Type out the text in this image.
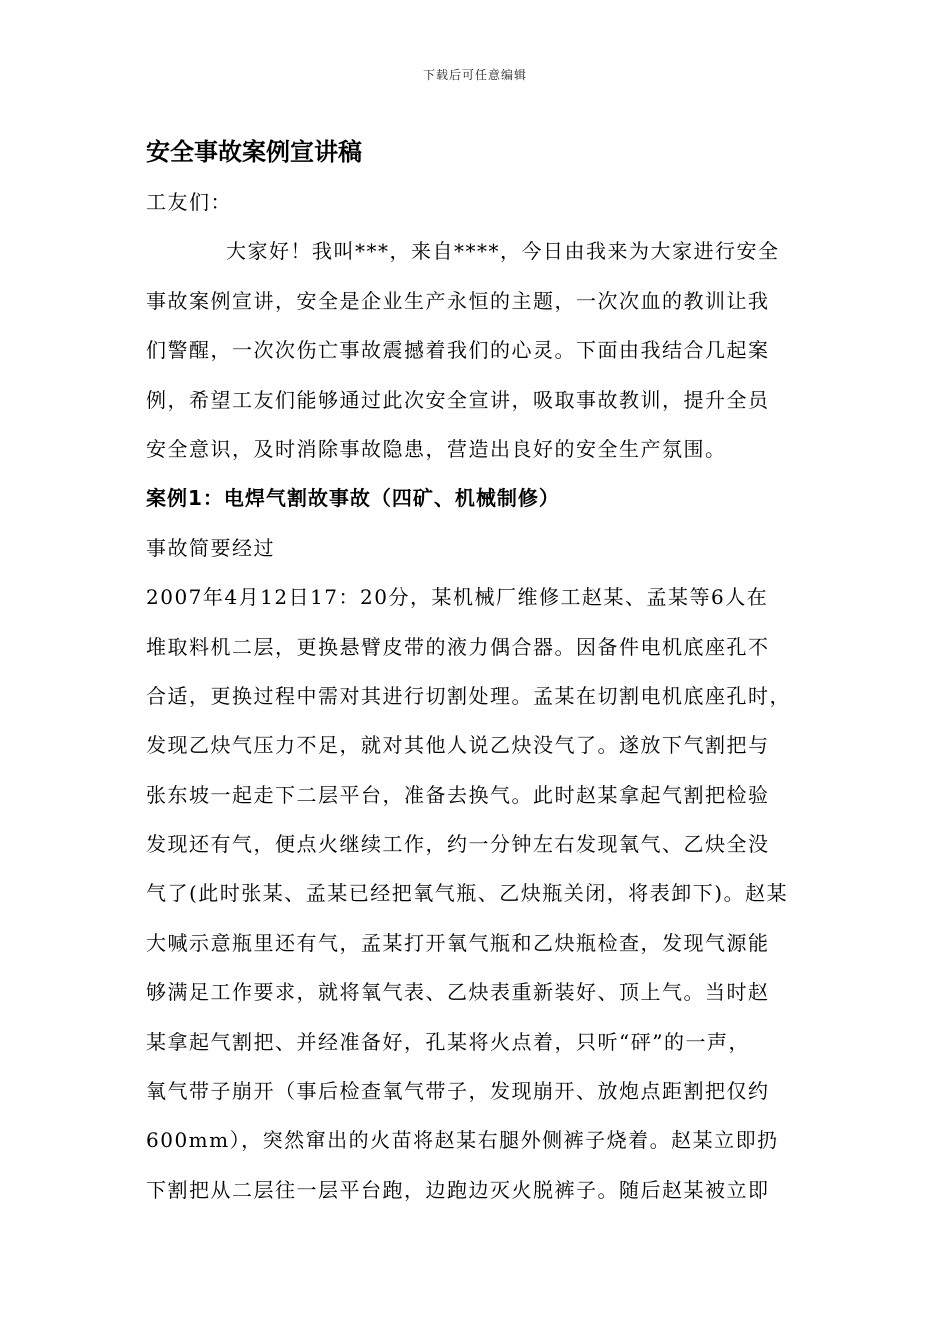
下载后可任意编辑
安全事故案例宣讲稿
工友们：
大家好！我叫***，来自****，今日由我来为大家进行安全
事故案例宣讲，安全是企业生产永恒的主题，一次次血的教训让我
们警醒，一次次伤亡事故震撼着我们的心灵。下面由我结合几起案
例，希望工友们能够通过此次安全宣讲，吸取事故教训，提升全员
安全意识，及时消除事故隐患，营造出良好的安全生产氛围。
案例1：电焊气割故事故（四矿、机械制修）
事故简要经过
2007年4月12日17：20分，某机械厂维修工赵某、孟某等6人在
堆取料机二层，更换悬臂皮带的液力偶合器。因备件电机底座孔不
合适，更换过程中需对其进行切割处理。孟某在切割电机底座孔时，
发现乙炔气压力不足，就对其他人说乙炔没气了。遂放下气割把与
张东坡一起走下二层平台，准备去换气。此时赵某拿起气割把检验
发现还有气，便点火继续工作，约一分钟左右发现氧气、乙炔全没
气了(此时张某、孟某已经把氧气瓶、乙炔瓶关闭，将表卸下)。赵某
大喊示意瓶里还有气，孟某打开氧气瓶和乙炔瓶检查，发现气源能
够满足工作要求，就将氧气表、乙炔表重新装好、顶上气。当时赵
某拿起气割把、并经准备好，孔某将火点着，只听“砰”的一声，
氧气带子崩开（事后检查氧气带子，发现崩开、放炮点距割把仅约
600mm），突然窜出的火苗将赵某右腿外侧裤子烧着。赵某立即扔
下割把从二层往一层平台跑，边跑边灭火脱裤子。随后赵某被立即
